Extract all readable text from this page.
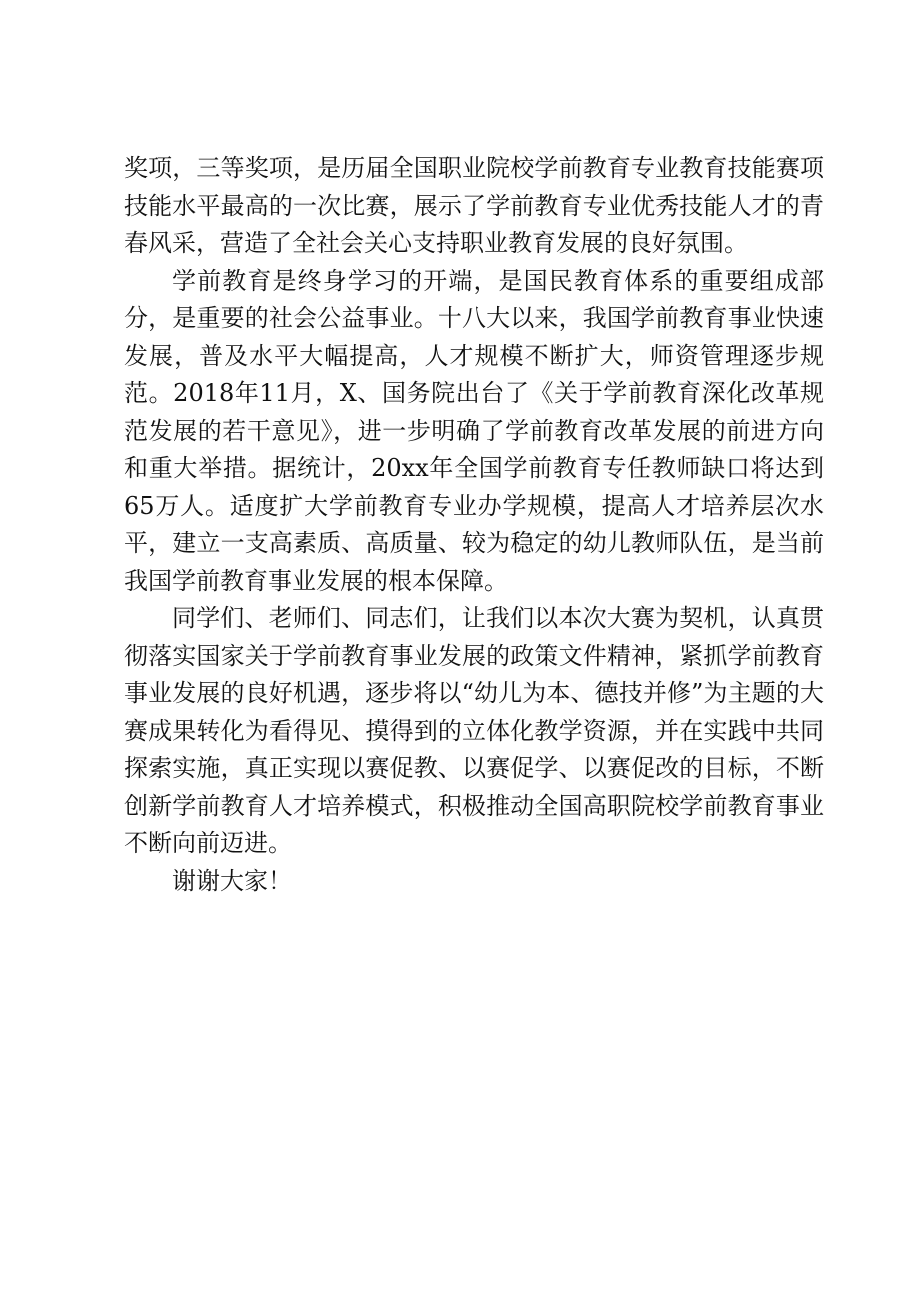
奖项，三等奖项，是历届全国职业院校学前教育专业教育技能赛项技能水平最高的一次比赛，展示了学前教育专业优秀技能人才的青春风采，营造了全社会关心支持职业教育发展的良好氛围。

学前教育是终身学习的开端，是国民教育体系的重要组成部分，是重要的社会公益事业。十八大以来，我国学前教育事业快速发展，普及水平大幅提高，人才规模不断扩大，师资管理逐步规范。2018年11月，X、国务院出台了《关于学前教育深化改革规范发展的若干意见》，进一步明确了学前教育改革发展的前进方向和重大举措。据统计，20xx年全国学前教育专任教师缺口将达到65万人。适度扩大学前教育专业办学规模，提高人才培养层次水平，建立一支高素质、高质量、较为稳定的幼儿教师队伍，是当前我国学前教育事业发展的根本保障。

同学们、老师们、同志们，让我们以本次大赛为契机，认真贯彻落实国家关于学前教育事业发展的政策文件精神，紧抓学前教育事业发展的良好机遇，逐步将以“幼儿为本、德技并修”为主题的大赛成果转化为看得见、摸得到的立体化教学资源，并在实践中共同探索实施，真正实现以赛促教、以赛促学、以赛促改的目标，不断创新学前教育人才培养模式，积极推动全国高职院校学前教育事业不断向前迈进。

谢谢大家！
